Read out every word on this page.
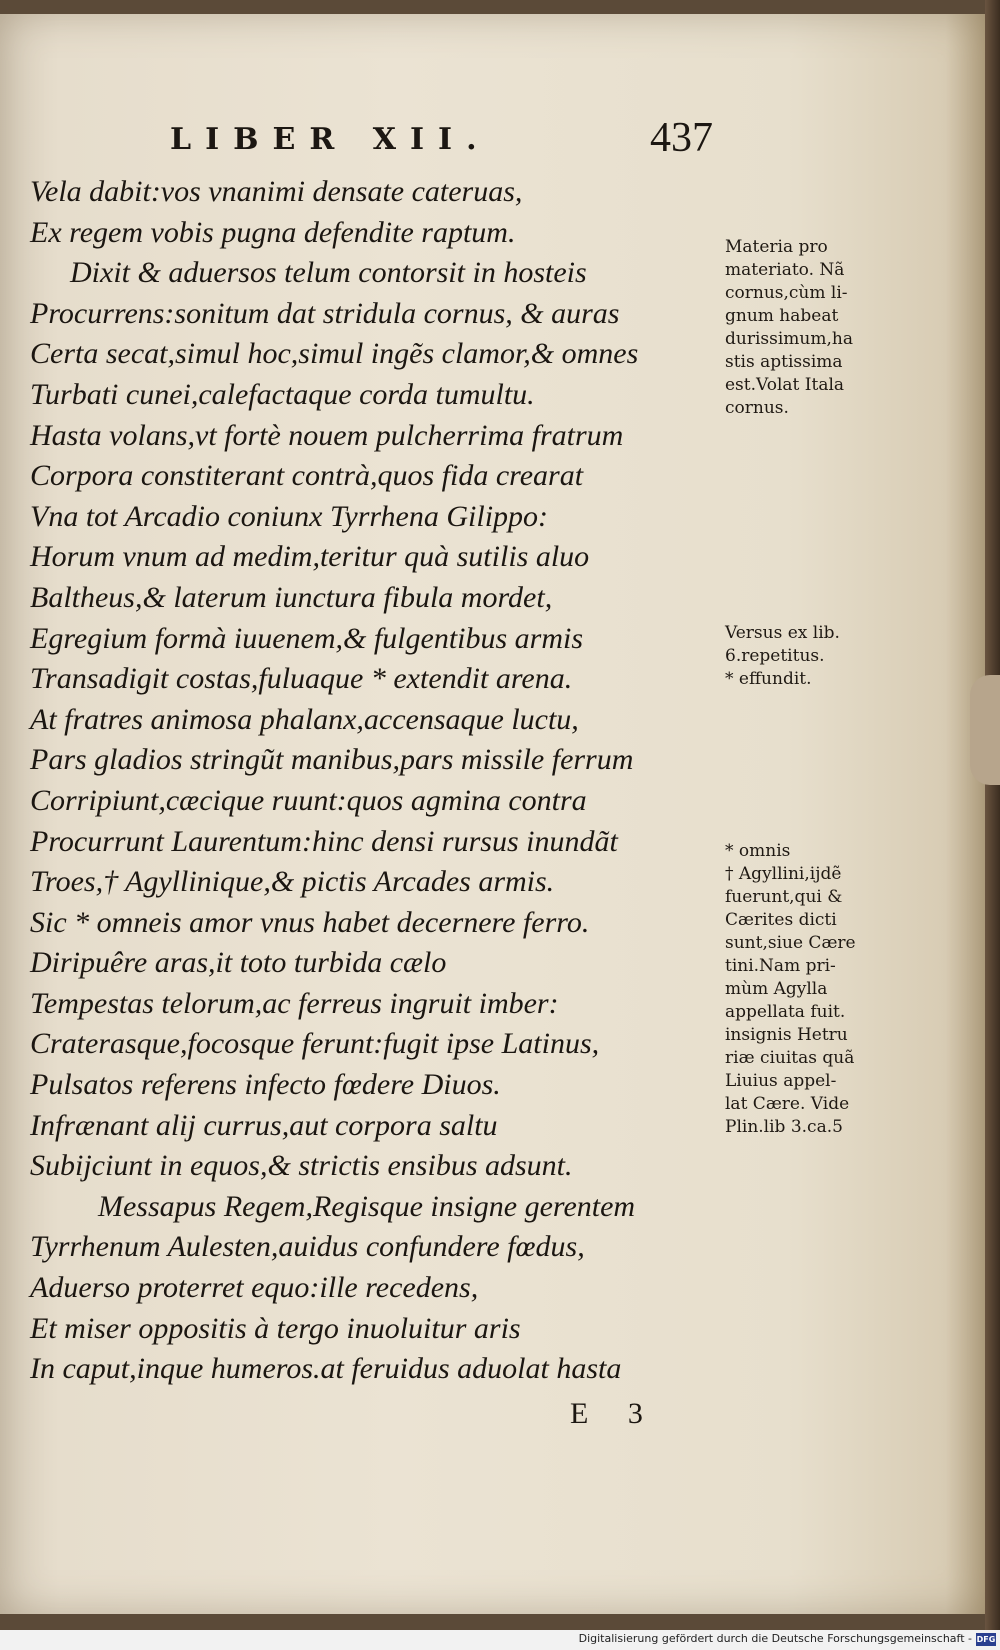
LIBER XII.	437
Vela dabit:vos vnanimi densate cateruas,
Ex regem vobis pugna defendite raptum.
Dixit & aduersos telum contorsit in hosteis
Procurrens:sonitum dat stridula cornus, & auras
Certa secat,simul hoc,simul ingẽs clamor,& omnes
Turbati cunei,calefactaque corda tumultu.
Hasta volans,vt fortè nouem pulcherrima fratrum
Corpora constiterant contrà,quos fida crearat
Vna tot Arcadio coniunx Tyrrhena Gilippo:
Horum vnum ad medim,teritur quà sutilis aluo
Baltheus,& laterum iunctura fibula mordet,
Egregium formà iuuenem,& fulgentibus armis
Transadigit costas,fuluaque * extendit arena.
At fratres animosa phalanx,accensaque luctu,
Pars gladios stringũt manibus,pars missile ferrum
Corripiunt,cæcique ruunt:quos agmina contra
Procurrunt Laurentum:hinc densi rursus inundãt
Troes,† Agyllinique,& pictis Arcades armis.
Sic * omneis amor vnus habet decernere ferro.
Diripuêre aras,it toto turbida cælo
Tempestas telorum,ac ferreus ingruit imber:
Craterasque,focosque ferunt:fugit ipse Latinus,
Pulsatos referens infecto fœdere Diuos.
Infrænant alij currus,aut corpora saltu
Subijciunt in equos,& strictis ensibus adsunt.
Messapus Regem,Regisque insigne gerentem
Tyrrhenum Aulesten,auidus confundere fœdus,
Aduerso proterret equo:ille recedens,
Et miser oppositis à tergo inuoluitur aris
In caput,inque humeros.at feruidus aduolat hasta
Materia pro
materiato. Nã
cornus,cùm li-
gnum habeat
durissimum,ha
stis aptissima
est.Volat Itala
cornus.
Versus ex lib.
6.repetitus.
* effundit.
* omnis
† Agyllini,ijdẽ
fuerunt,qui &
Cærites dicti
sunt,siue Cære
tini.Nam pri-
mùm Agylla
appellata fuit.
insignis Hetru
riæ ciuitas quã
Liuius appel-
lat Cære. Vide
Plin.lib 3.ca.5
E 3
Digitalisierung gefördert durch die Deutsche Forschungsgemeinschaft - DFG
